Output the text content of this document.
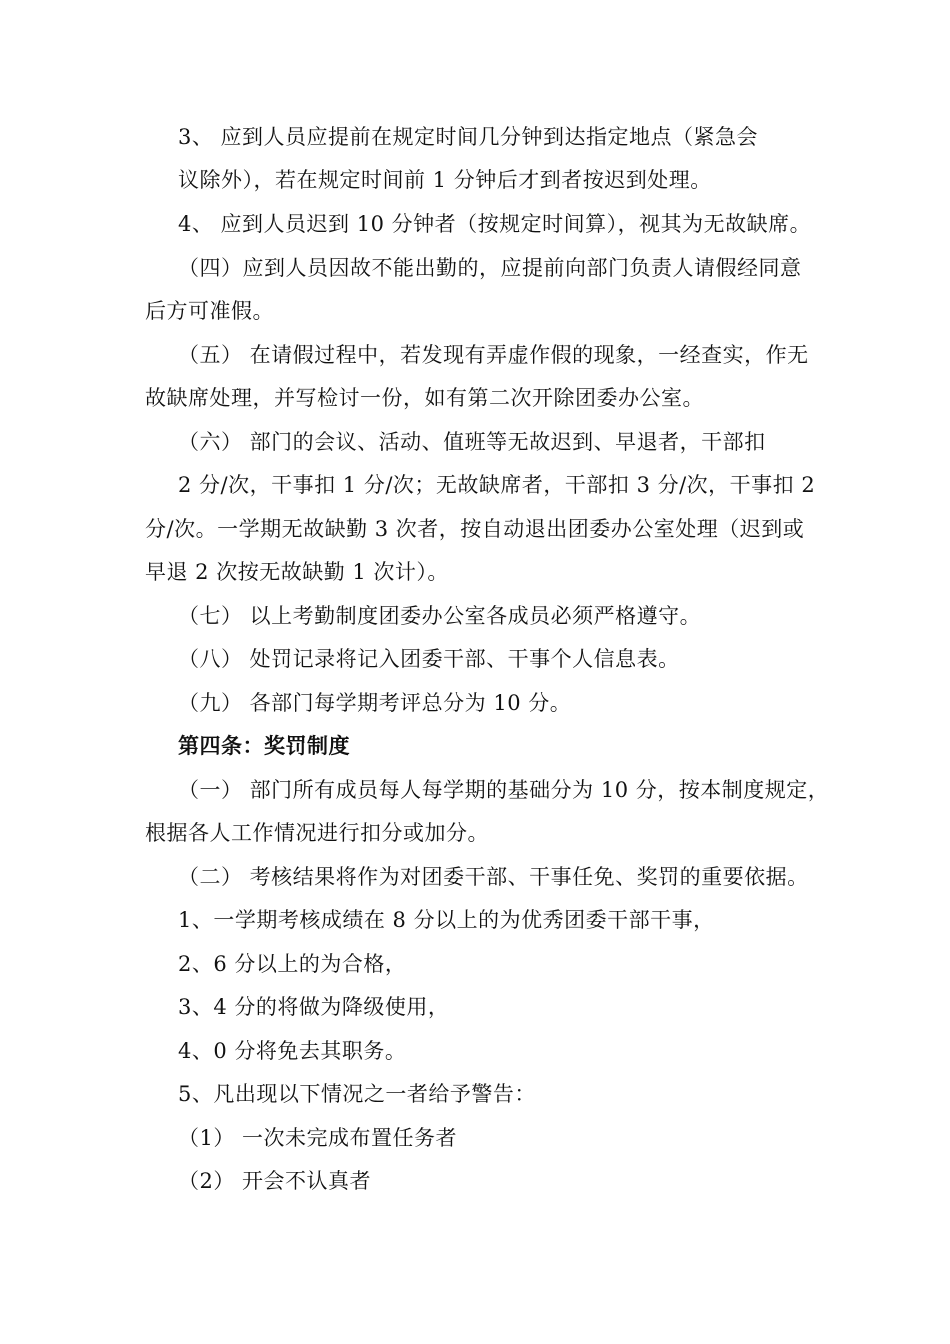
3、 应到人员应提前在规定时间几分钟到达指定地点（紧急会
议除外），若在规定时间前 1 分钟后才到者按迟到处理。
4、 应到人员迟到 10 分钟者（按规定时间算），视其为无故缺席。
（四）应到人员因故不能出勤的，应提前向部门负责人请假经同意
后方可准假。
（五） 在请假过程中，若发现有弄虚作假的现象，一经查实，作无
故缺席处理，并写检讨一份，如有第二次开除团委办公室。
（六） 部门的会议、活动、值班等无故迟到、早退者，干部扣
2 分/次，干事扣 1 分/次；无故缺席者，干部扣 3 分/次，干事扣 2
分/次。一学期无故缺勤 3 次者，按自动退出团委办公室处理（迟到或
早退 2 次按无故缺勤 1 次计）。
（七） 以上考勤制度团委办公室各成员必须严格遵守。
（八） 处罚记录将记入团委干部、干事个人信息表。
（九） 各部门每学期考评总分为 10 分。
第四条：奖罚制度
（一） 部门所有成员每人每学期的基础分为 10 分，按本制度规定，
根据各人工作情况进行扣分或加分。
（二） 考核结果将作为对团委干部、干事任免、奖罚的重要依据。
1、一学期考核成绩在 8 分以上的为优秀团委干部干事，
2、6 分以上的为合格，
3、4 分的将做为降级使用，
4、0 分将免去其职务。
5、凡出现以下情况之一者给予警告：
（1） 一次未完成布置任务者
（2） 开会不认真者
